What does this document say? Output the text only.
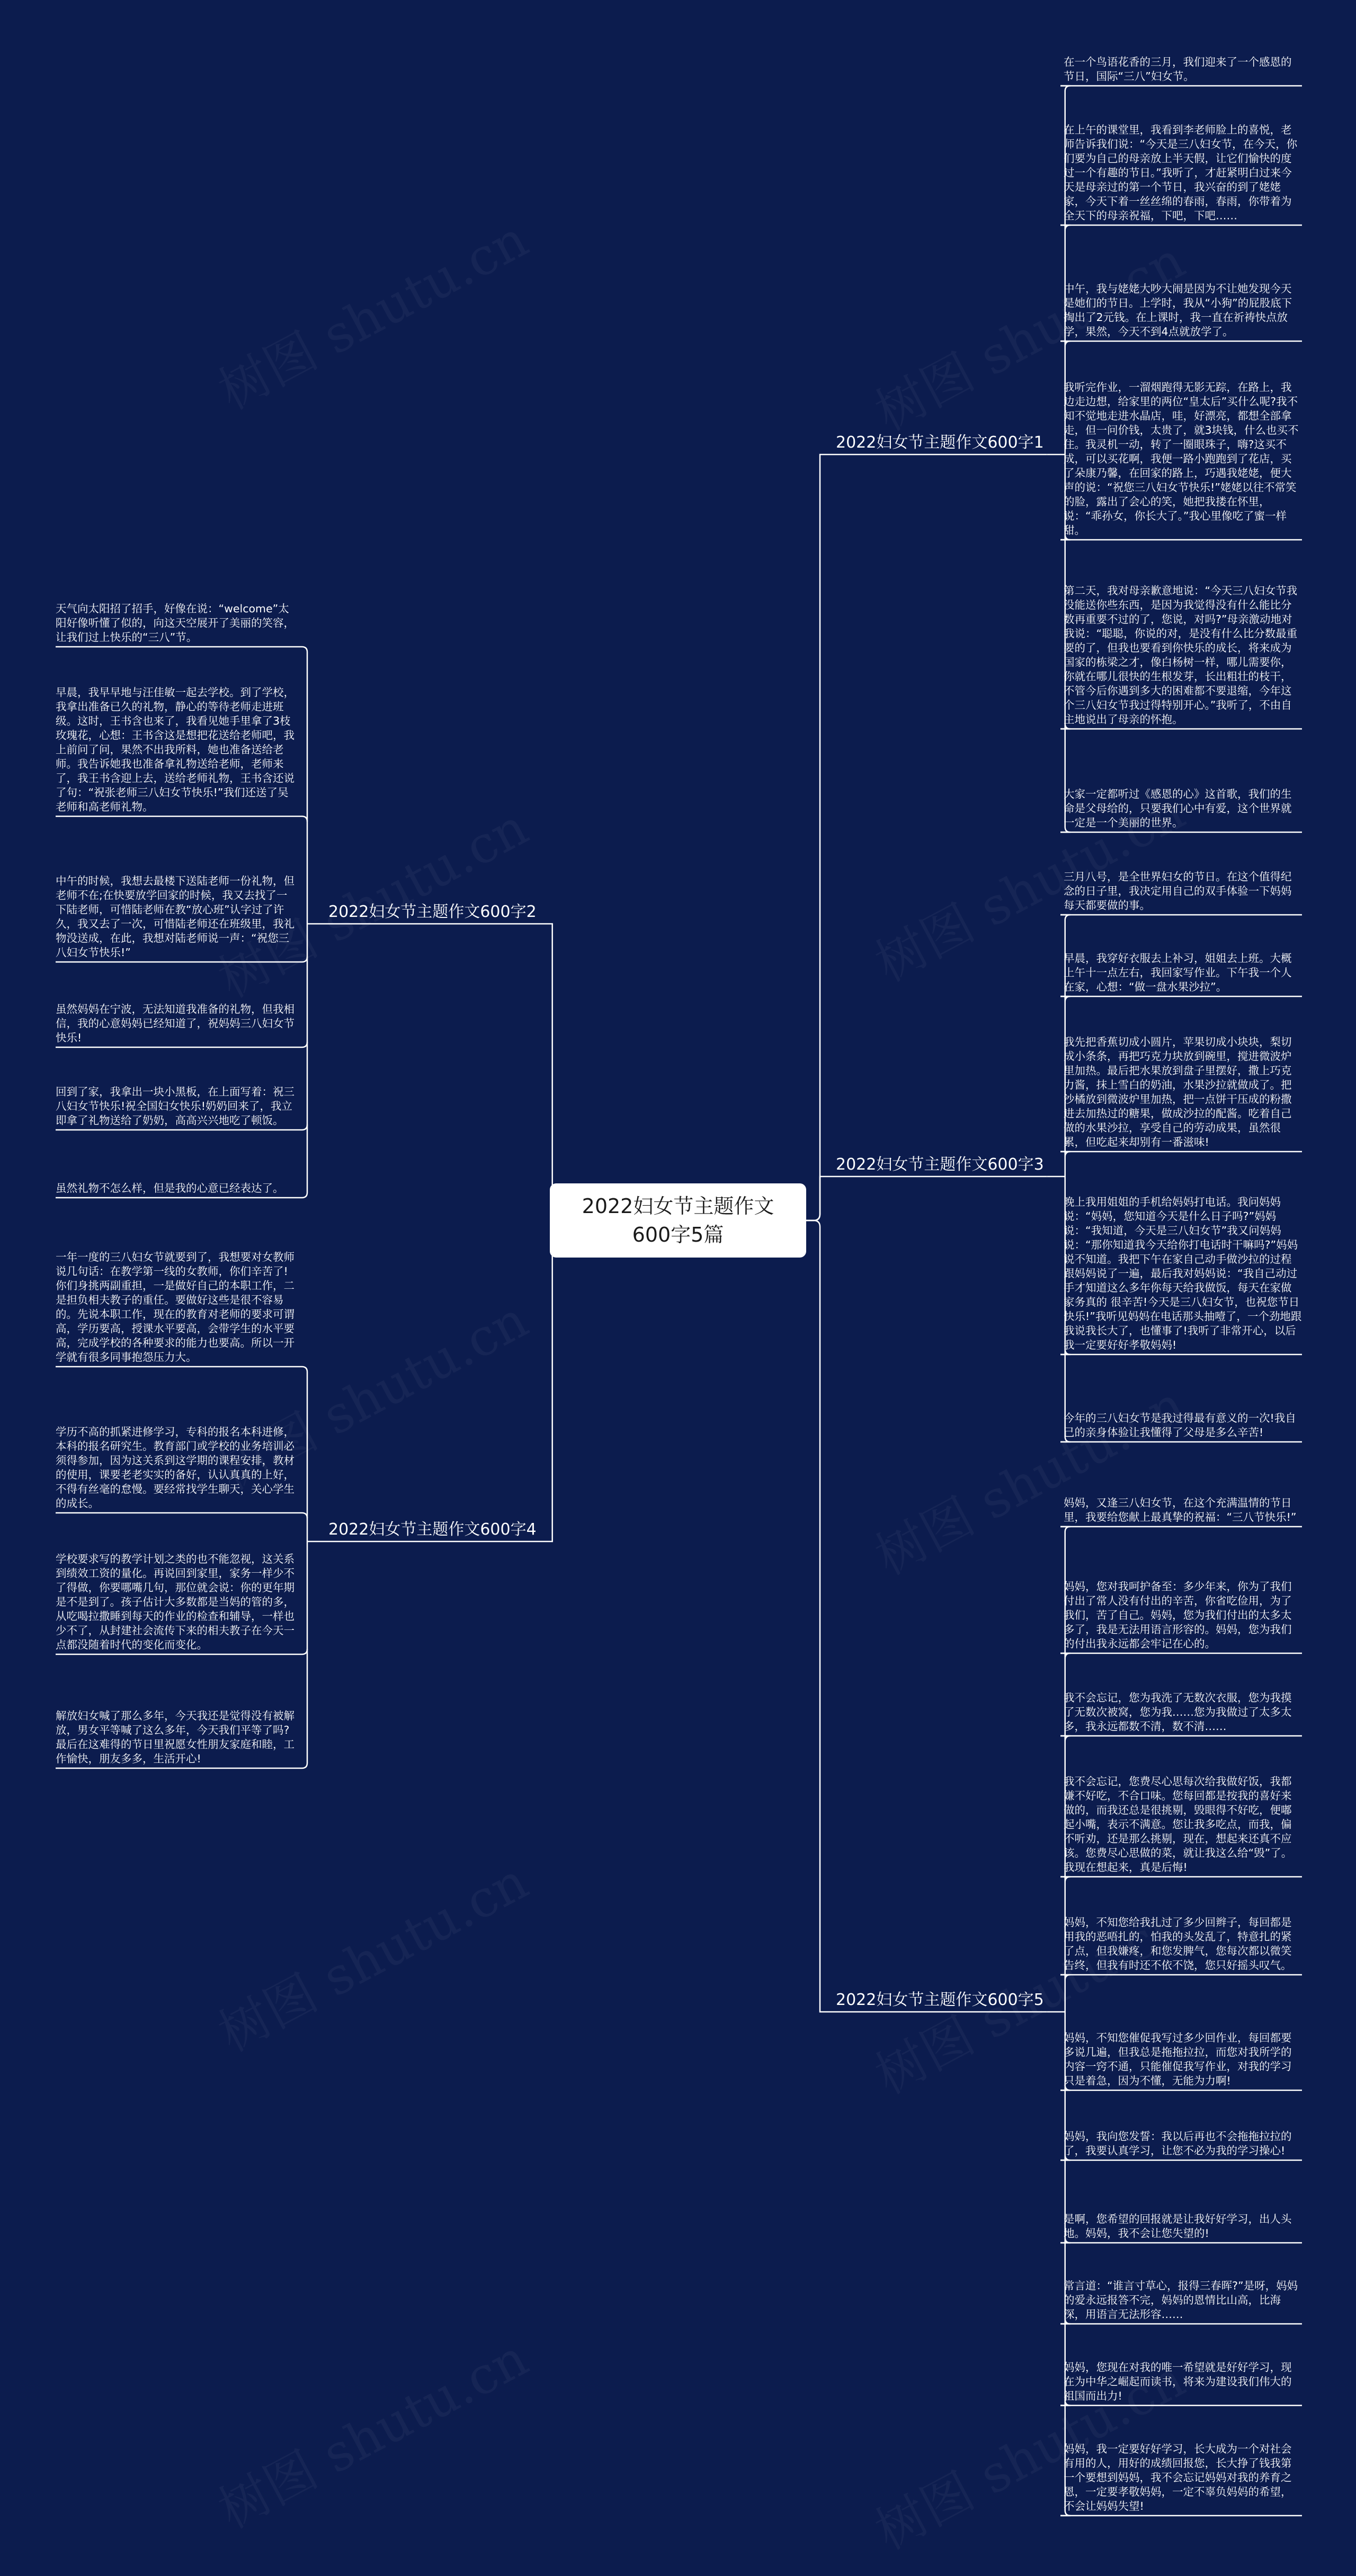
2022妇女节主题作文600字5篇
2022妇女节主题作文600字1
在一个鸟语花香的三月，我们迎来了一个感恩的节日，国际“三八”妇女节。
在上午的课堂里，我看到李老师脸上的喜悦，老师告诉我们说：“今天是三八妇女节，在今天，你们要为自己的母亲放上半天假，让它们愉快的度过一个有趣的节日。”我听了，才赶紧明白过来今天是母亲过的第一个节日，我兴奋的到了姥姥家，今天下着一丝丝绵的春雨，春雨，你带着为全天下的母亲祝福，下吧，下吧……
中午，我与姥姥大吵大闹是因为不让她发现今天是她们的节日。上学时，我从“小狗”的屁股底下掏出了2元钱。在上课时，我一直在祈祷快点放学，果然，今天不到4点就放学了。
我听完作业，一溜烟跑得无影无踪，在路上，我边走边想，给家里的两位“皇太后”买什么呢?我不知不觉地走进水晶店，哇，好漂亮，都想全部拿走，但一问价钱，太贵了，就3块钱，什么也买不住。我灵机一动，转了一圈眼珠子，嗨?这买不成，可以买花啊，我便一路小跑跑到了花店，买了朵康乃馨，在回家的路上，巧遇我姥姥，便大声的说：“祝您三八妇女节快乐!”姥姥以往不常笑的脸，露出了会心的笑，她把我搂在怀里，说：“乖孙女，你长大了。”我心里像吃了蜜一样甜。
第二天，我对母亲歉意地说：“今天三八妇女节我没能送你些东西，是因为我觉得没有什么能比分数再重要不过的了，您说，对吗?”母亲激动地对我说：“聪聪，你说的对，是没有什么比分数最重要的了，但我也要看到你快乐的成长，将来成为国家的栋梁之才，像白杨树一样，哪儿需要你，你就在哪儿很快的生根发芽，长出粗壮的枝干，不管今后你遇到多大的困难都不要退缩，今年这个三八妇女节我过得特别开心。”我听了，不由自主地说出了母亲的怀抱。
大家一定都听过《感恩的心》这首歌，我们的生命是父母给的，只要我们心中有爱，这个世界就一定是一个美丽的世界。
2022妇女节主题作文600字3
三月八号，是全世界妇女的节日。在这个值得纪念的日子里，我决定用自己的双手体验一下妈妈每天都要做的事。
早晨，我穿好衣服去上补习，姐姐去上班。大概上午十一点左右，我回家写作业。下午我一个人在家，心想：“做一盘水果沙拉”。
我先把香蕉切成小圆片，苹果切成小块块，梨切成小条条，再把巧克力块放到碗里，搅进微波炉里加热。最后把水果放到盘子里摆好，撒上巧克力酱，抹上雪白的奶油，水果沙拉就做成了。把沙橘放到微波炉里加热，把一点饼干压成的粉撒进去加热过的糖果，做成沙拉的配酱。吃着自己做的水果沙拉，享受自己的劳动成果，虽然很累，但吃起来却别有一番滋味!
晚上我用姐姐的手机给妈妈打电话。我问妈妈说：“妈妈，您知道今天是什么日子吗?”妈妈说：“我知道，今天是三八妇女节”我又问妈妈说：“那你知道我今天给你打电话时干嘛吗?”妈妈说不知道。我把下午在家自己动手做沙拉的过程跟妈妈说了一遍，最后我对妈妈说：“我自己动过手才知道这么多年你每天给我做饭，每天在家做家务真的 很辛苦!今天是三八妇女节，也祝您节日快乐!”我听见妈妈在电话那头抽噎了，一个劲地跟我说我长大了，也懂事了!我听了非常开心，以后我一定要好好孝敬妈妈!
今年的三八妇女节是我过得最有意义的一次!我自己的亲身体验让我懂得了父母是多么辛苦!
2022妇女节主题作文600字5
妈妈，又逢三八妇女节，在这个充满温情的节日里，我要给您献上最真挚的祝福：“三八节快乐!”
妈妈，您对我呵护备至：多少年来，你为了我们付出了常人没有付出的辛苦，你省吃俭用，为了我们，苦了自己。妈妈，您为我们付出的太多太多了，我是无法用语言形容的。妈妈，您为我们的付出我永远都会牢记在心的。
我不会忘记，您为我洗了无数次衣服，您为我摸了无数次被窝，您为我……您为我做过了太多太多，我永远都数不清，数不清……
我不会忘记，您费尽心思每次给我做好饭，我都嫌不好吃，不合口味。您每回都是按我的喜好来做的，而我还总是很挑剔，毁眼得不好吃，便嘟起小嘴，表示不满意。您让我多吃点，而我，偏不听劝，还是那么挑剔，现在，想起来还真不应该。您费尽心思做的菜，就让我这么给“毁”了。我现在想起来，真是后悔!
妈妈，不知您给我扎过了多少回辫子，每回都是用我的恶唔扎的，怕我的头发乱了，特意扎的紧了点，但我嫌疼，和您发脾气，您每次都以微笑告终，但我有时还不依不饶，您只好摇头叹气。
妈妈，不知您催促我写过多少回作业，每回都要多说几遍，但我总是拖拖拉拉，而您对我所学的内容一窍不通，只能催促我写作业，对我的学习只是着急，因为不懂，无能为力啊!
妈妈，我向您发誓：我以后再也不会拖拖拉拉的了，我要认真学习，让您不必为我的学习操心!
是啊，您希望的回报就是让我好好学习，出人头地。妈妈，我不会让您失望的!
常言道：“谁言寸草心，报得三春晖?”是呀，妈妈的爱永远报答不完，妈妈的恩情比山高，比海深，用语言无法形容……
妈妈，您现在对我的唯一希望就是好好学习，现在为中华之崛起而读书，将来为建设我们伟大的祖国而出力!
妈妈，我一定要好好学习，长大成为一个对社会有用的人，用好的成绩回报您，长大挣了钱我第一个要想到妈妈，我不会忘记妈妈对我的养育之恩，一定要孝敬妈妈，一定不辜负妈妈的希望，不会让妈妈失望!
2022妇女节主题作文600字2
天气向太阳招了招手，好像在说：“welcome”太阳好像听懂了似的，向这天空展开了美丽的笑容，让我们过上快乐的“三八”节。
早晨，我早早地与汪佳敏一起去学校。到了学校，我拿出准备已久的礼物，静心的等待老师走进班级。这时，王书含也来了，我看见她手里拿了3枝玫瑰花，心想：王书含这是想把花送给老师吧，我上前问了问，果然不出我所料，她也准备送给老师。我告诉她我也准备拿礼物送给老师，老师来了，我王书含迎上去，送给老师礼物，王书含还说了句：“祝张老师三八妇女节快乐!”我们还送了吴老师和高老师礼物。
中午的时候，我想去最楼下送陆老师一份礼物，但老师不在;在快要放学回家的时候，我又去找了一下陆老师，可惜陆老师在教“放心班”认字过了许久，我又去了一次，可惜陆老师还在班级里，我礼物没送成，在此，我想对陆老师说一声：“祝您三八妇女节快乐!”
虽然妈妈在宁波，无法知道我准备的礼物，但我相信，我的心意妈妈已经知道了，祝妈妈三八妇女节快乐!
回到了家，我拿出一块小黑板，在上面写着：祝三八妇女节快乐!祝全国妇女快乐!奶奶回来了，我立即拿了礼物送给了奶奶，高高兴兴地吃了顿饭。
虽然礼物不怎么样，但是我的心意已经表达了。
2022妇女节主题作文600字4
一年一度的三八妇女节就要到了，我想要对女教师说几句话：在教学第一线的女教师，你们辛苦了!你们身挑两副重担，一是做好自己的本职工作，二是担负相夫教子的重任。要做好这些是很不容易的。先说本职工作，现在的教育对老师的要求可谓高，学历要高，授课水平要高，会带学生的水平要高，完成学校的各种要求的能力也要高。所以一开学就有很多同事抱怨压力大。
学历不高的抓紧进修学习，专科的报名本科进修，本科的报名研究生。教育部门或学校的业务培训必须得参加，因为这关系到这学期的课程安排，教材的使用，课要老老实实的备好，认认真真的上好，不得有丝毫的怠慢。要经常找学生聊天，关心学生的成长。
学校要求写的教学计划之类的也不能忽视，这关系到绩效工资的量化。再说回到家里，家务一样少不了得做，你要哪嘴几句，那位就会说：你的更年期是不是到了。孩子估计大多数都是当妈的管的多，从吃喝拉撒睡到每天的作业的检查和辅导，一样也少不了，从封建社会流传下来的相夫教子在今天一点都没随着时代的变化而变化。
解放妇女喊了那么多年，今天我还是觉得没有被解放，男女平等喊了这么多年，今天我们平等了吗?最后在这难得的节日里祝愿女性朋友家庭和睦，工作愉快，朋友多多，生活开心!
